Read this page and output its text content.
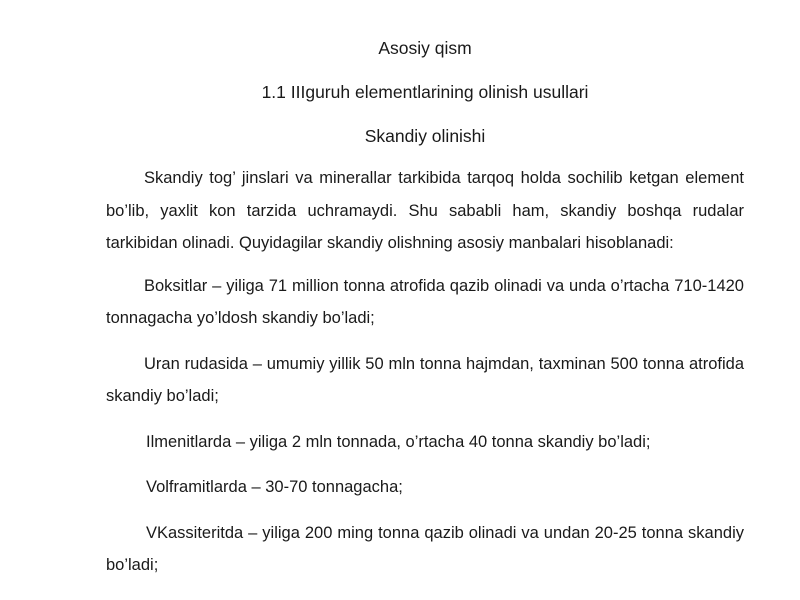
Asosiy qism
1.1 IIIguruh elementlarining olinish usullari
Skandiy olinishi

Skandiy tog’ jinslari va minerallar tarkibida tarqoq holda sochilib ketgan element bo’lib, yaxlit kon tarzida uchramaydi. Shu sababli ham, skandiy boshqa rudalar tarkibidan olinadi. Quyidagilar skandiy olishning asosiy manbalari hisoblanadi:

Boksitlar – yiliga 71 million tonna atrofida qazib olinadi va unda o’rtacha 710-1420 tonnagacha yo’ldosh skandiy bo’ladi;

Uran rudasida – umumiy yillik 50 mln tonna hajmdan, taxminan 500 tonna atrofida skandiy bo’ladi;

Ilmenitlarda – yiliga 2 mln tonnada, o’rtacha 40 tonna skandiy bo’ladi;

Volframitlarda – 30-70 tonnagacha;

VKassiteritda – yiliga 200 ming tonna qazib olinadi va undan 20-25 tonna skandiy bo’ladi;
